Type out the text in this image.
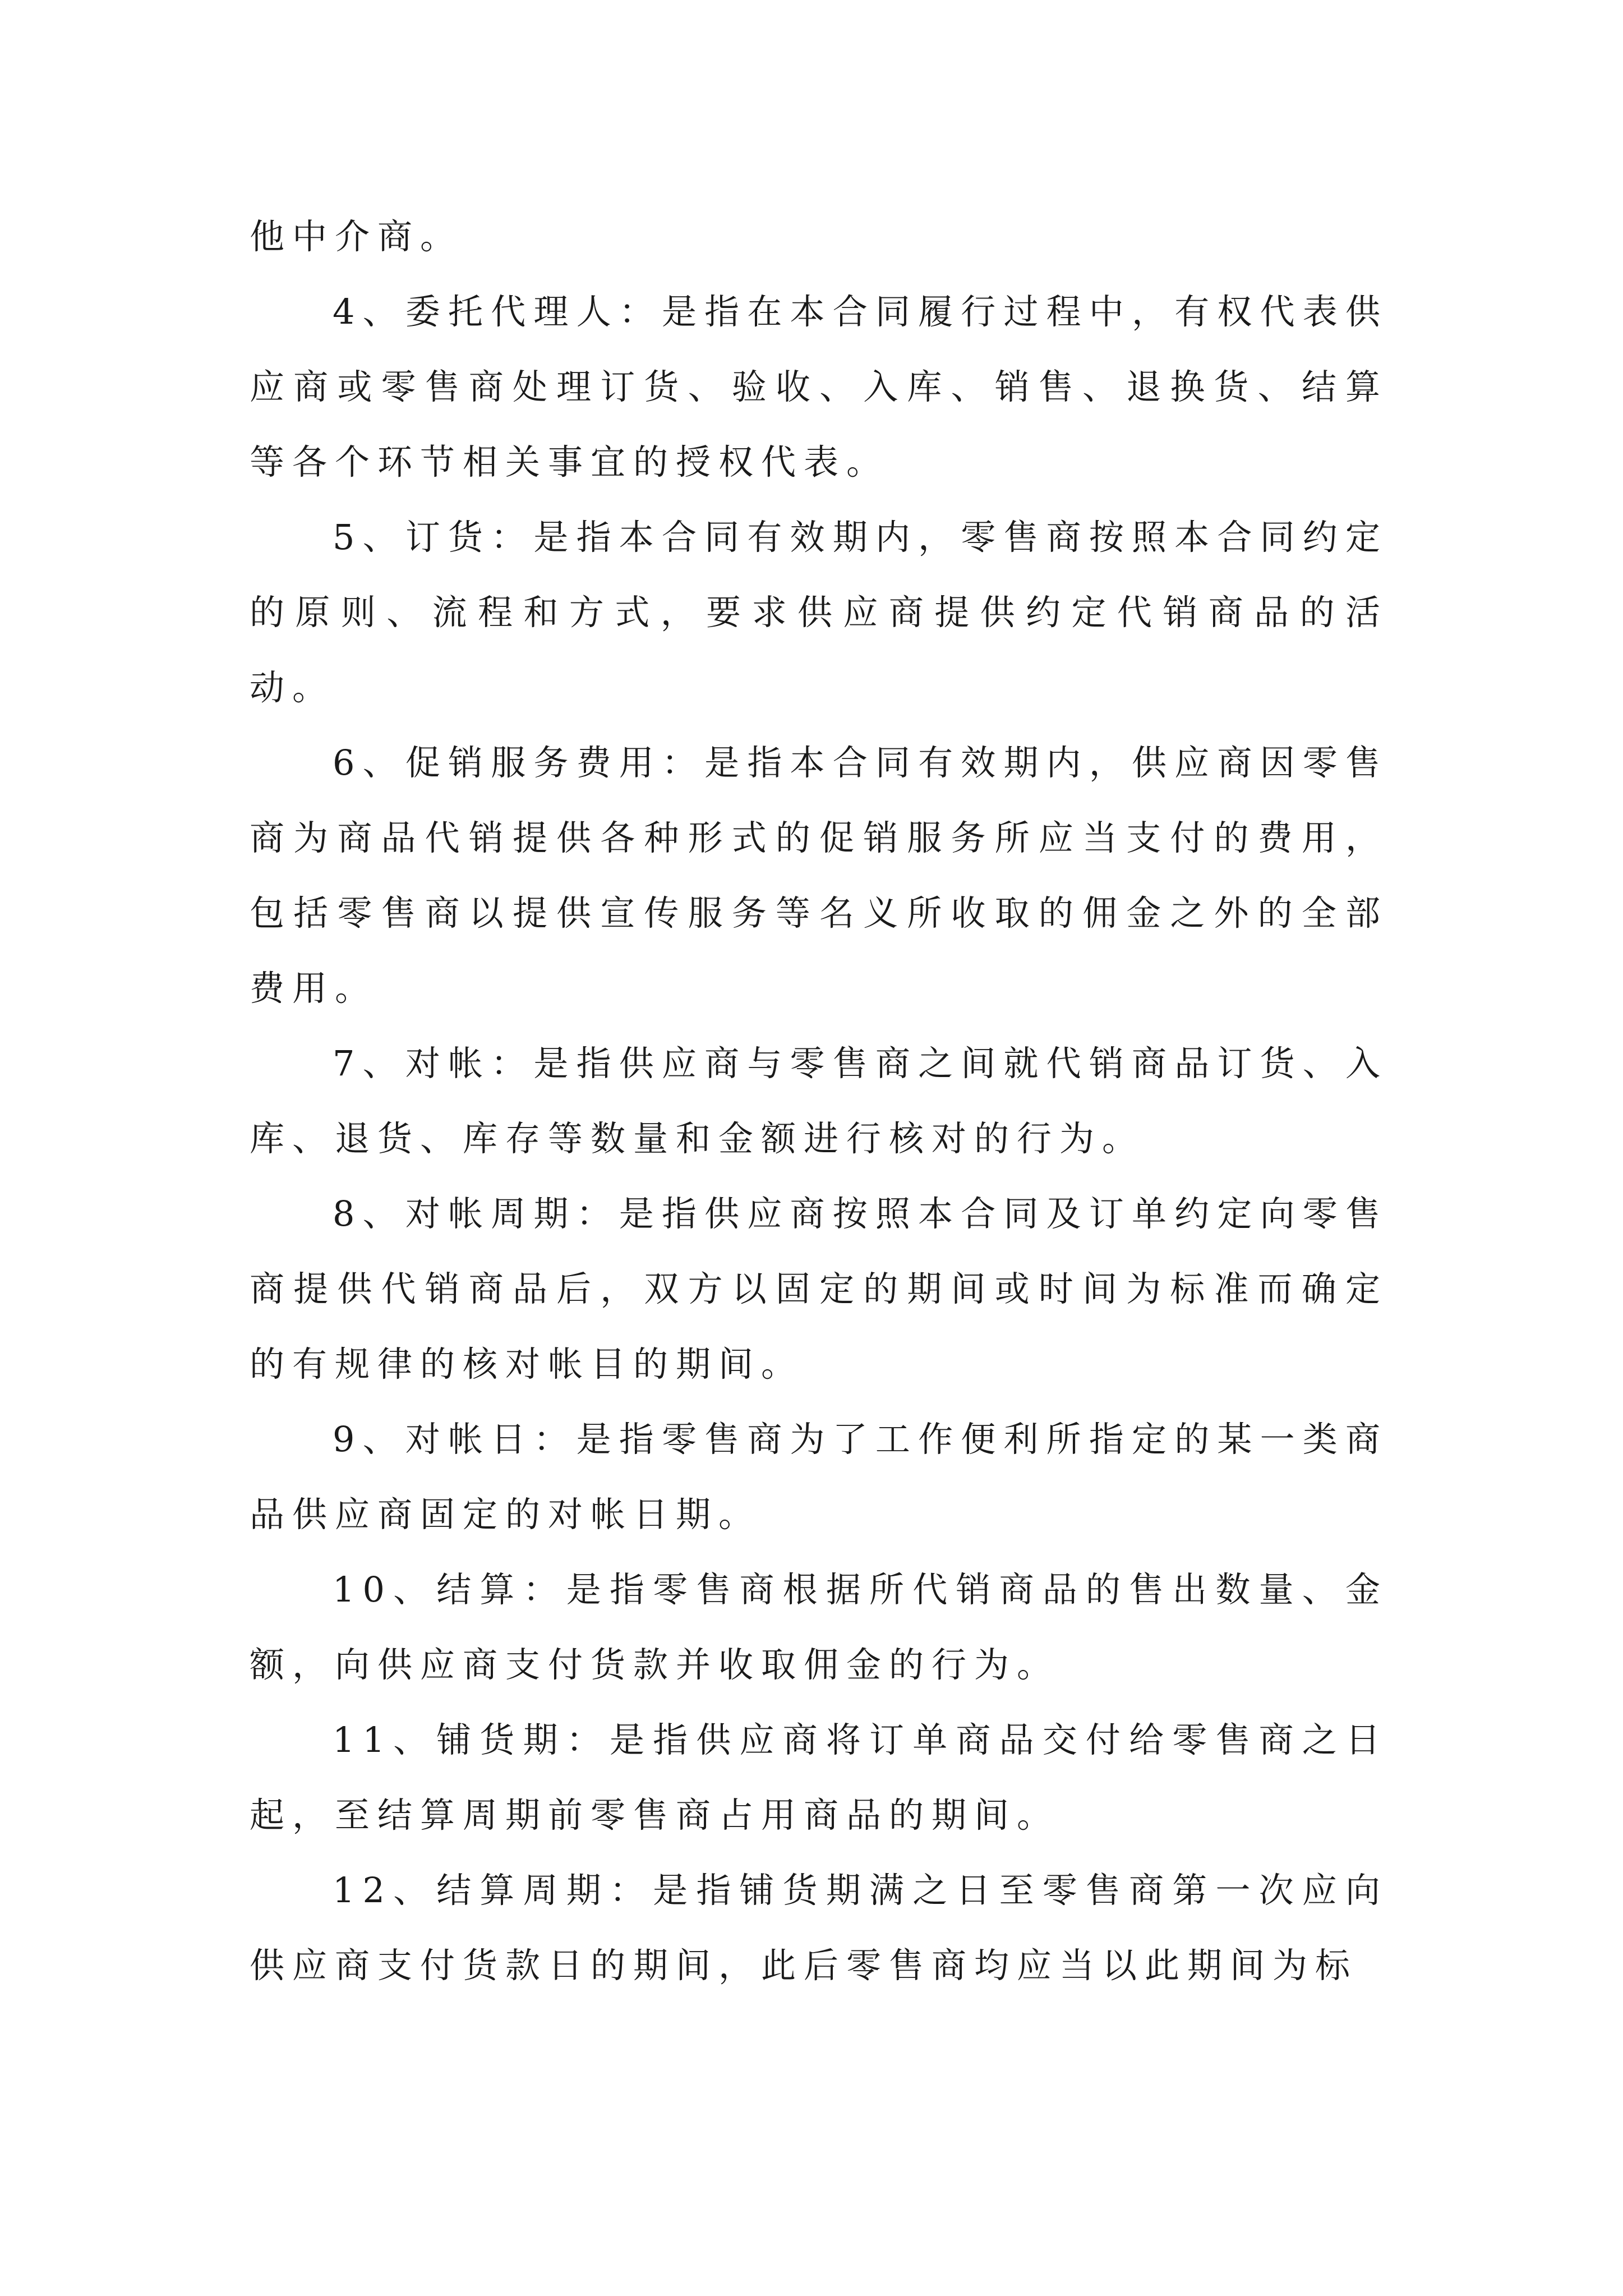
他中介商。

4、委托代理人：是指在本合同履行过程中，有权代表供应商或零售商处理订货、验收、入库、销售、退换货、结算等各个环节相关事宜的授权代表。

5、订货：是指本合同有效期内，零售商按照本合同约定的原则、流程和方式，要求供应商提供约定代销商品的活动。

6、促销服务费用：是指本合同有效期内，供应商因零售商为商品代销提供各种形式的促销服务所应当支付的费用，包括零售商以提供宣传服务等名义所收取的佣金之外的全部费用。

7、对帐：是指供应商与零售商之间就代销商品订货、入库、退货、库存等数量和金额进行核对的行为。

8、对帐周期：是指供应商按照本合同及订单约定向零售商提供代销商品后，双方以固定的期间或时间为标准而确定的有规律的核对帐目的期间。

9、对帐日：是指零售商为了工作便利所指定的某一类商品供应商固定的对帐日期。

10、结算：是指零售商根据所代销商品的售出数量、金额，向供应商支付货款并收取佣金的行为。

11、铺货期：是指供应商将订单商品交付给零售商之日起，至结算周期前零售商占用商品的期间。

12、结算周期：是指铺货期满之日至零售商第一次应向供应商支付货款日的期间，此后零售商均应当以此期间为标
